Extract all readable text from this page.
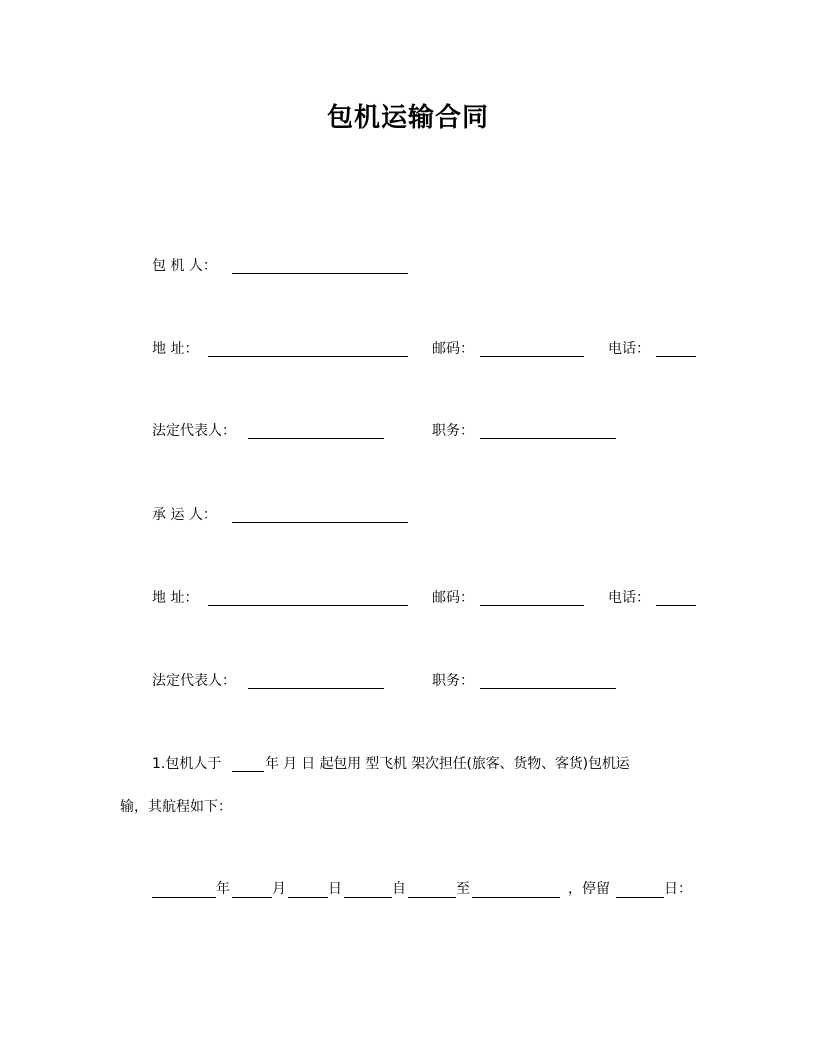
包机运输合同
包 机 人：
地 址：	邮码：	电话：
法定代表人：	职务：
承 运 人：
地 址：	邮码：	电话：
法定代表人：	职务：
1.包机人于	年 月 日 起包用 型飞机 架次担任(旅客、货物、客货)包机运
输，其航程如下：
年	月	日	自	至	，停留	日：
